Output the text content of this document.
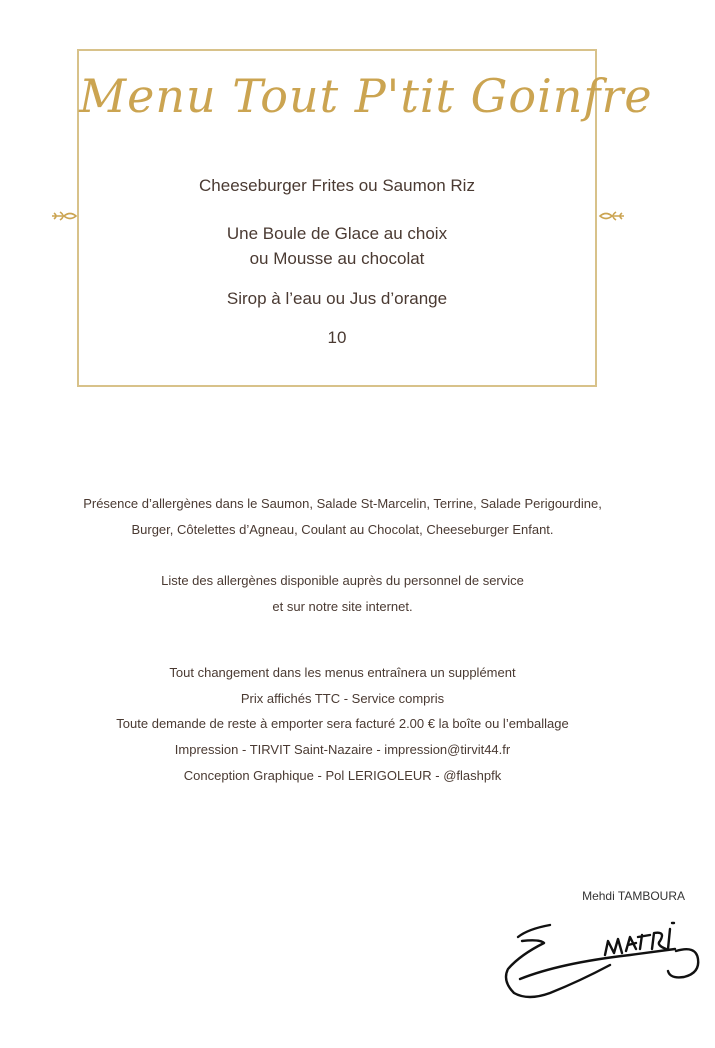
Menu Tout P'tit Goinfre
Cheeseburger Frites ou Saumon Riz
Une Boule de Glace au choix
ou Mousse au chocolat
Sirop à l’eau ou Jus d’orange
10
Présence d’allergènes dans le Saumon, Salade St-Marcelin, Terrine, Salade Perigourdine,
Burger, Côtelettes d’Agneau, Coulant au Chocolat, Cheeseburger Enfant.
Liste des allergènes disponible auprès du personnel de service
et sur notre site internet.
Tout changement dans les menus entraînera un supplément
Prix affichés TTC - Service compris
Toute demande de reste à emporter sera facturé 2.00 € la boîte ou l’emballage
Impression - TIRVIT Saint-Nazaire - impression@tirvit44.fr
Conception Graphique - Pol LERIGOLEUR - @flashpfk
Mehdi TAMBOURA
